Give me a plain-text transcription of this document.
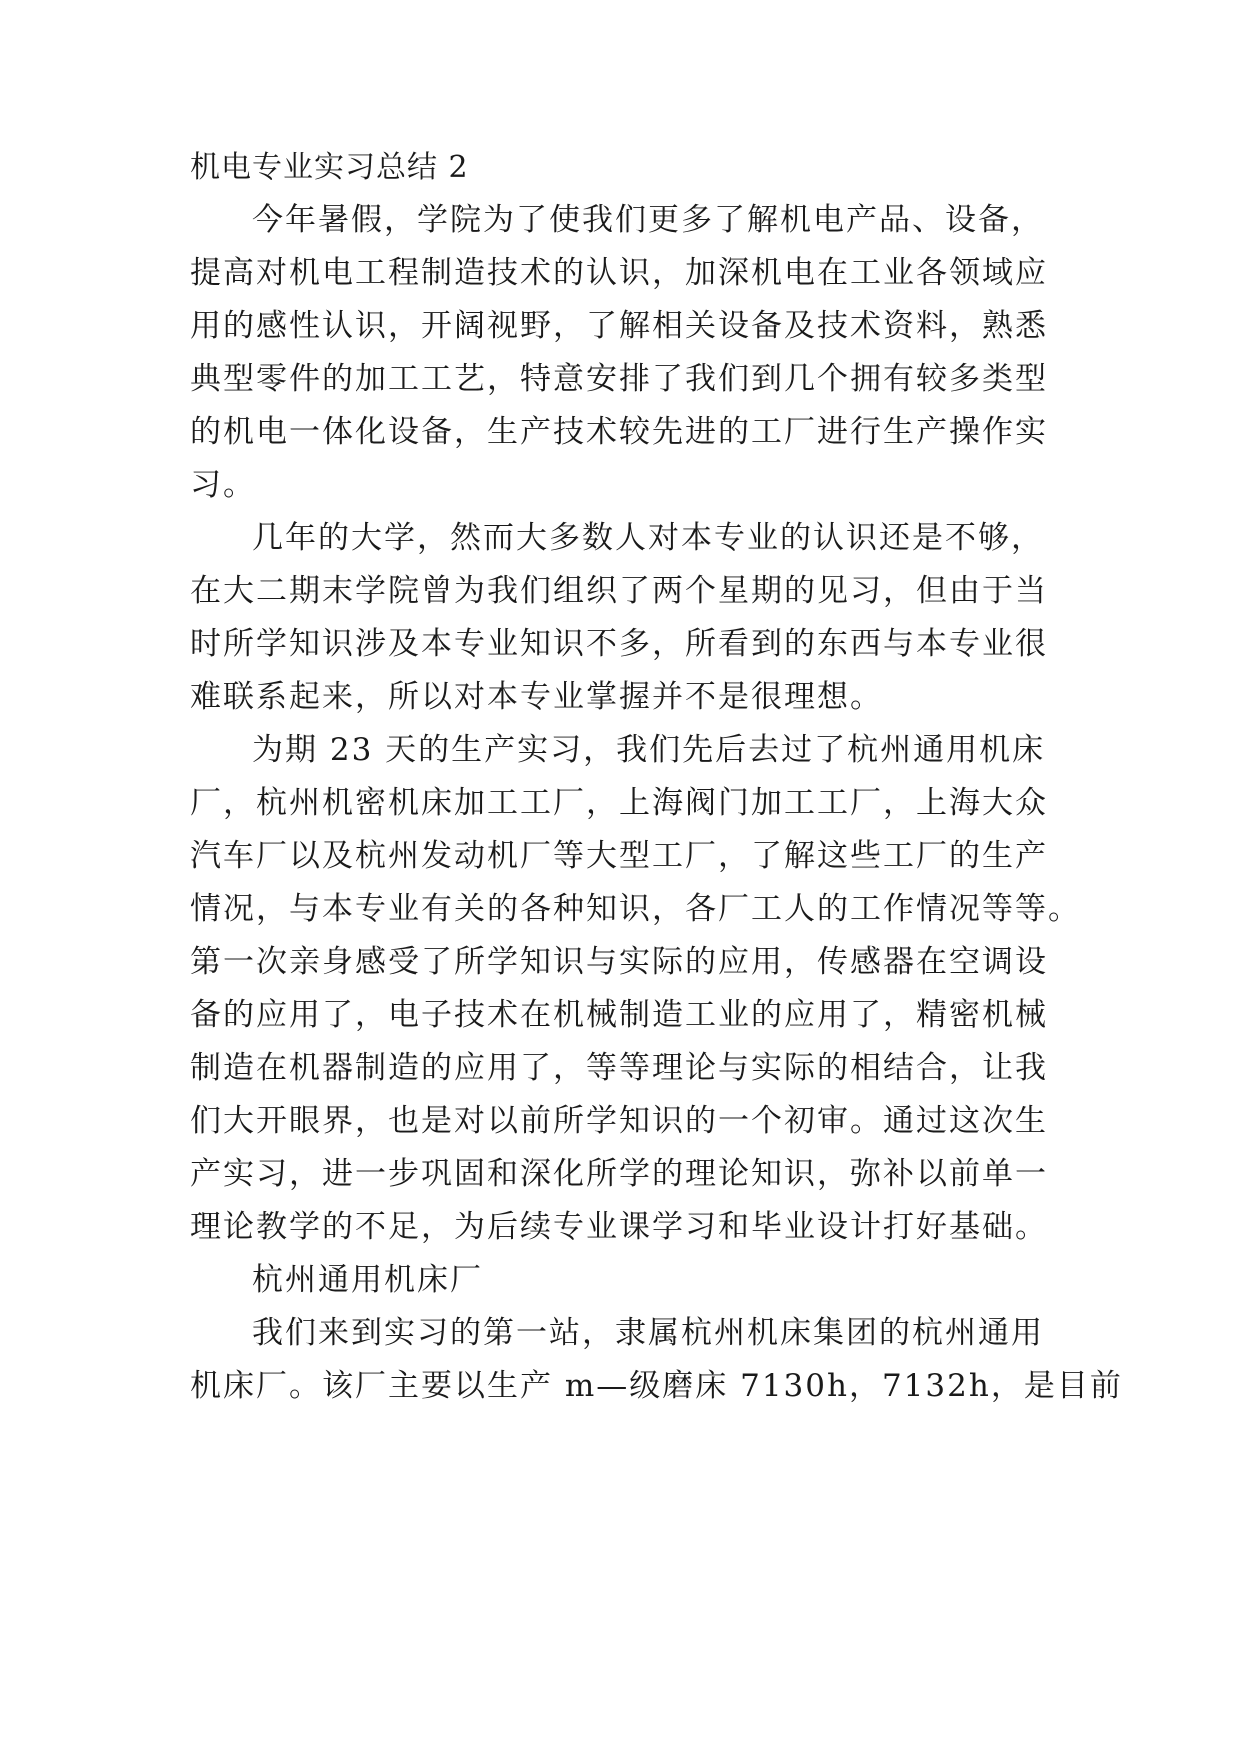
机电专业实习总结 2
今年暑假，学院为了使我们更多了解机电产品、设备，
提高对机电工程制造技术的认识，加深机电在工业各领域应
用的感性认识，开阔视野，了解相关设备及技术资料，熟悉
典型零件的加工工艺，特意安排了我们到几个拥有较多类型
的机电一体化设备，生产技术较先进的工厂进行生产操作实
习。
几年的大学，然而大多数人对本专业的认识还是不够，
在大二期末学院曾为我们组织了两个星期的见习，但由于当
时所学知识涉及本专业知识不多，所看到的东西与本专业很
难联系起来，所以对本专业掌握并不是很理想。
为期 23 天的生产实习，我们先后去过了杭州通用机床
厂，杭州机密机床加工工厂，上海阀门加工工厂，上海大众
汽车厂以及杭州发动机厂等大型工厂，了解这些工厂的生产
情况，与本专业有关的各种知识，各厂工人的工作情况等等。
第一次亲身感受了所学知识与实际的应用，传感器在空调设
备的应用了，电子技术在机械制造工业的应用了，精密机械
制造在机器制造的应用了，等等理论与实际的相结合，让我
们大开眼界，也是对以前所学知识的一个初审。通过这次生
产实习，进一步巩固和深化所学的理论知识，弥补以前单一
理论教学的不足，为后续专业课学习和毕业设计打好基础。
杭州通用机床厂
我们来到实习的第一站，隶属杭州机床集团的杭州通用
机床厂。该厂主要以生产 m—级磨床 7130h，7132h，是目前
